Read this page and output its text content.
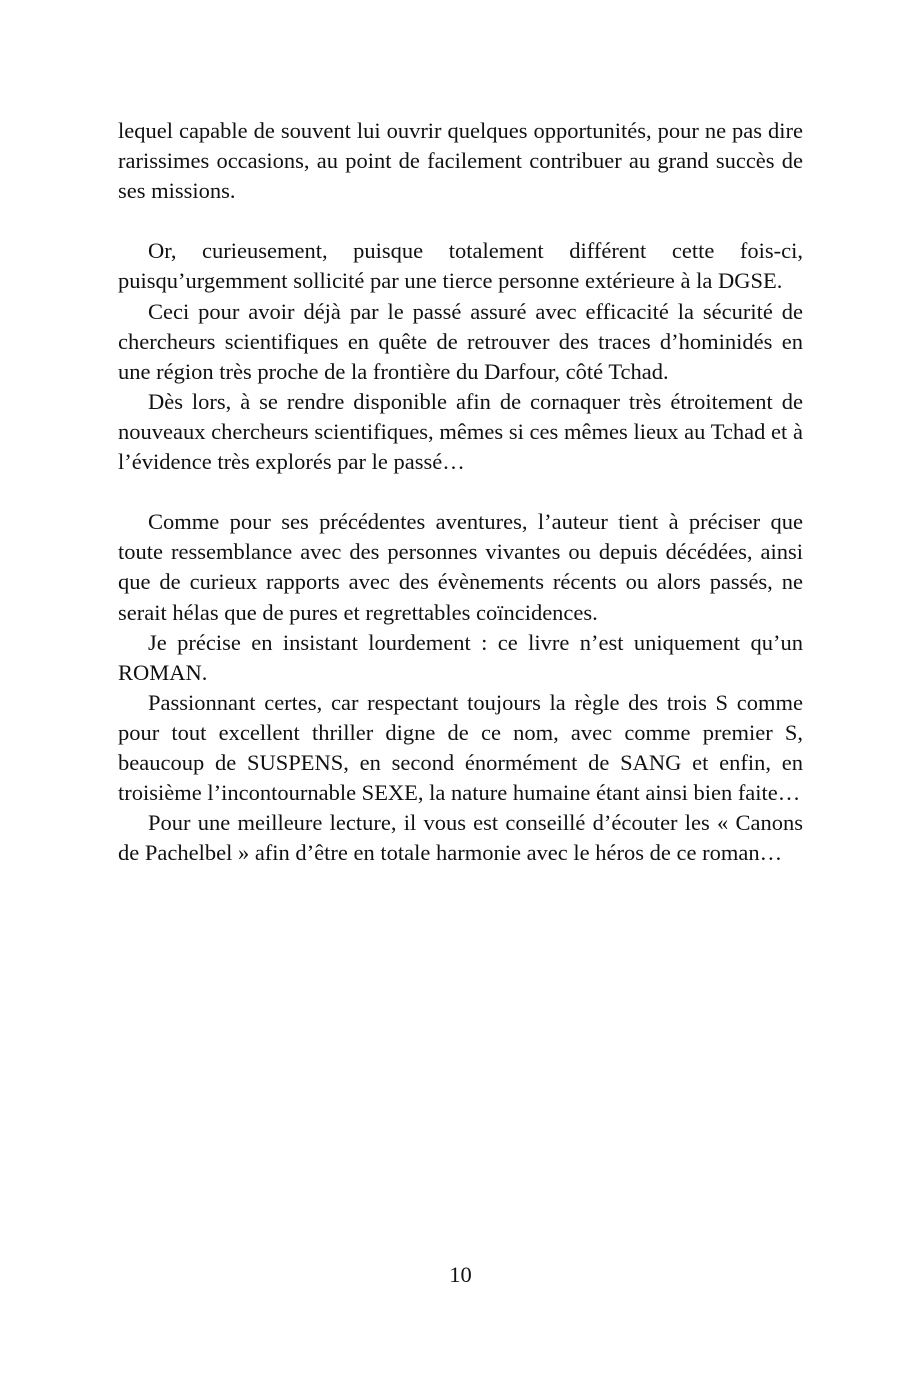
lequel capable de souvent lui ouvrir quelques opportunités, pour ne pas dire rarissimes occasions, au point de facilement contribuer au grand succès de ses missions.

Or, curieusement, puisque totalement différent cette fois-ci, puisqu’urgemment sollicité par une tierce personne extérieure à la DGSE.

Ceci pour avoir déjà par le passé assuré avec efficacité la sécurité de chercheurs scientifiques en quête de retrouver des traces d’hominidés en une région très proche de la frontière du Darfour, côté Tchad.

Dès lors, à se rendre disponible afin de cornaquer très étroitement de nouveaux chercheurs scientifiques, mêmes si ces mêmes lieux au Tchad et à l’évidence très explorés par le passé…

Comme pour ses précédentes aventures, l’auteur tient à préciser que toute ressemblance avec des personnes vivantes ou depuis décédées, ainsi que de curieux rapports avec des évènements récents ou alors passés, ne serait hélas que de pures et regrettables coïncidences.

Je précise en insistant lourdement : ce livre n’est uniquement qu’un ROMAN.

Passionnant certes, car respectant toujours la règle des trois S comme pour tout excellent thriller digne de ce nom, avec comme premier S, beaucoup de SUSPENS, en second énormément de SANG et enfin, en troisième l’incontournable SEXE, la nature humaine étant ainsi bien faite…

Pour une meilleure lecture, il vous est conseillé d’écouter les « Canons de Pachelbel » afin d’être en totale harmonie avec le héros de ce roman…

10
